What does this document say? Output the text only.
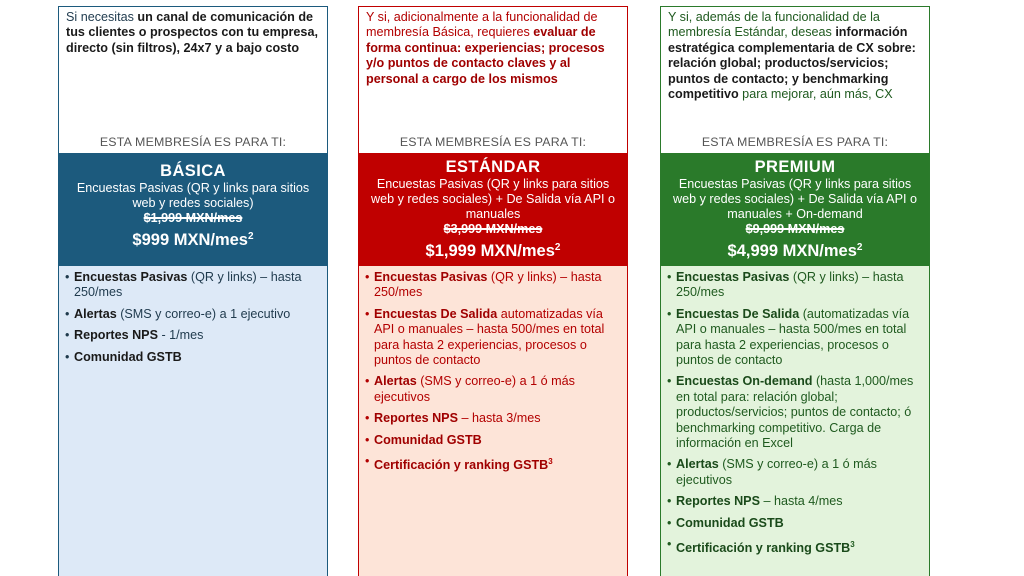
Si necesitas un canal de comunicación de tus clientes o prospectos con tu empresa, directo (sin filtros), 24x7 y a bajo costo
ESTA MEMBRESÍA ES PARA TI:
BÁSICA
Encuestas Pasivas (QR y links para sitios web y redes sociales)
$1,999 MXN/mes
$999 MXN/mes$^2$
• Encuestas Pasivas (QR y links) – hasta 250/mes
• Alertas (SMS y correo-e) a 1 ejecutivo
• Reportes NPS - 1/mes
• Comunidad GSTB
Y si, adicionalmente a la funcionalidad de membresía Básica, requieres evaluar de forma continua: experiencias; procesos y/o puntos de contacto claves y al personal a cargo de los mismos
ESTA MEMBRESÍA ES PARA TI:
ESTÁNDAR
Encuestas Pasivas (QR y links para sitios web y redes sociales) + De Salida vía API o manuales
$3,999 MXN/mes
$1,999 MXN/mes$^2$
• Encuestas Pasivas (QR y links) – hasta 250/mes
• Encuestas De Salida automatizadas vía API o manuales – hasta 500/mes en total para hasta 2 experiencias, procesos o puntos de contacto
• Alertas (SMS y correo-e) a 1 ó más ejecutivos
• Reportes NPS – hasta 3/mes
• Comunidad GSTB
• Certificación y ranking GSTB$^3$
Y si, además de la funcionalidad de la membresía Estándar, deseas información estratégica complementaria de CX sobre: relación global; productos/servicios; puntos de contacto; y benchmarking competitivo para mejorar, aún más, CX
ESTA MEMBRESÍA ES PARA TI:
PREMIUM
Encuestas Pasivas (QR y links para sitios web y redes sociales) + De Salida vía API o manuales + On-demand
$9,999 MXN/mes
$4,999 MXN/mes$^2$
• Encuestas Pasivas (QR y links) – hasta 250/mes
• Encuestas De Salida (automatizadas vía API o manuales – hasta 500/mes en total para hasta 2 experiencias, procesos o puntos de contacto
• Encuestas On-demand (hasta 1,000/mes en total para: relación global; productos/servicios; puntos de contacto; ó benchmarking competitivo. Carga de información en Excel
• Alertas (SMS y correo-e) a 1 ó más ejecutivos
• Reportes NPS – hasta 4/mes
• Comunidad GSTB
• Certificación y ranking GSTB$^3$
